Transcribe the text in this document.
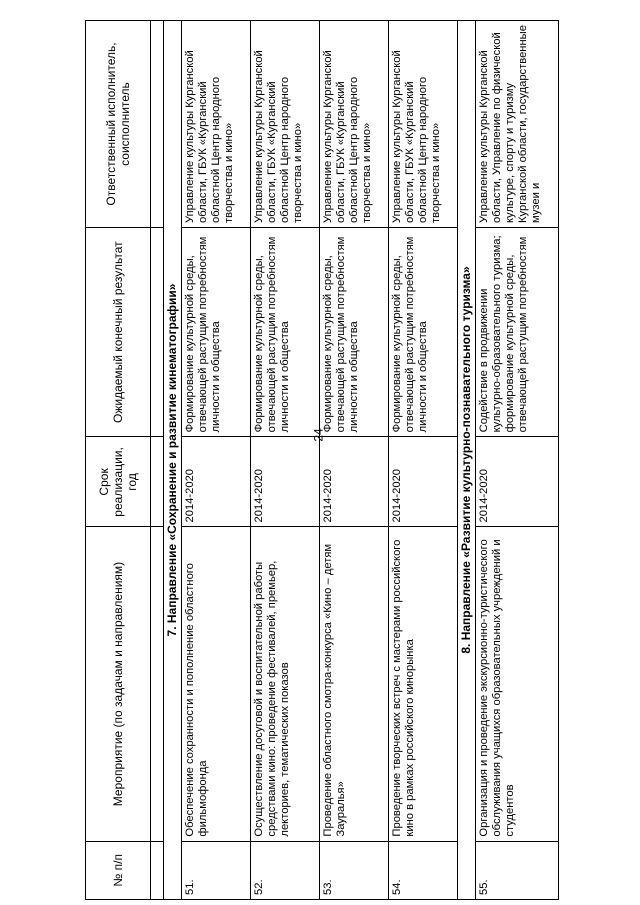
24
№ п/п	Мероприятие (по задачам и направлениям)	Срок реализации, год	Ожидаемый конечный результат	Ответственный исполнитель, соисполнитель

7. Направление «Сохранение и развитие кинематографии»				
51.	Обеспечение сохранности и пополнение областного фильмофонда	2014-2020	Формирование культурной среды, отвечающей растущим потребностям личности и общества	Управление культуры Курганской области, ГБУК «Курганский областной Центр народного творчества и кино»
52.	Осуществление досуговой и воспитательной работы средствами кино: проведение фестивалей, премьер, лекториев, тематических показов	2014-2020	Формирование культурной среды, отвечающей растущим потребностям личности и общества	Управление культуры Курганской области, ГБУК «Курганский областной Центр народного творчества и кино»
53.	Проведение областного смотра-конкурса «Кино – детям Зауралья»	2014-2020	Формирование культурной среды, отвечающей растущим потребностям личности и общества	Управление культуры Курганской области, ГБУК «Курганский областной Центр народного творчества и кино»
54.	Проведение творческих встреч с мастерами российского кино в рамках российского кинорынка	2014-2020	Формирование культурной среды, отвечающей растущим потребностям личности и общества	Управление культуры Курганской области, ГБУК «Курганский областной Центр народного творчества и кино»
8. Направление «Развитие культурно-познавательного туризма»				
55.	Организация и проведение экскурсионно-туристического обслуживания учащихся образовательных учреждений и студентов	2014-2020	Содействие в продвижении культурно-образовательного туризма; формирование культурной среды, отвечающей растущим потребностям	Управление культуры Курганской области, Управление по физической культуре, спорту и туризму Курганской области, государственные музеи и
